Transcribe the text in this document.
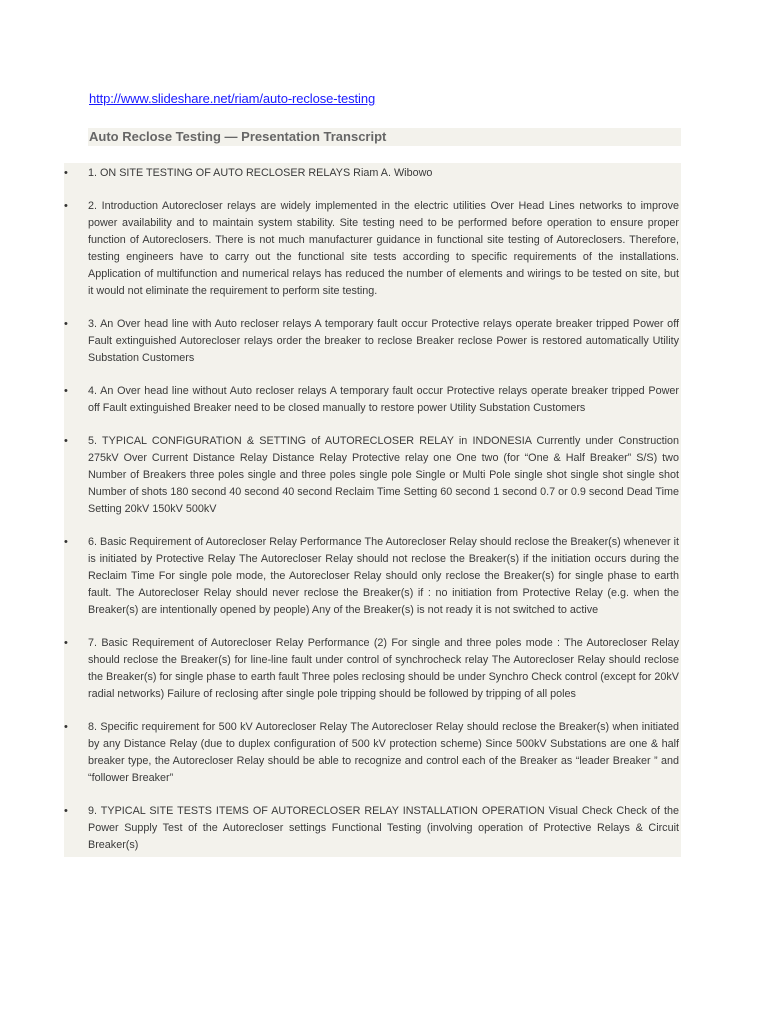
http://www.slideshare.net/riam/auto-reclose-testing
Auto Reclose Testing — Presentation Transcript
•	1. ON SITE TESTING OF AUTO RECLOSER RELAYS Riam A. Wibowo
•	2. Introduction Autorecloser relays are widely implemented in the electric utilities Over Head Lines networks to improve power availability and to maintain system stability. Site testing need to be performed before operation to ensure proper function of Autoreclosers. There is not much manufacturer guidance in functional site testing of Autoreclosers. Therefore, testing engineers have to carry out the functional site tests according to specific requirements of the installations. Application of multifunction and numerical relays has reduced the number of elements and wirings to be tested on site, but it would not eliminate the requirement to perform site testing.
•	3. An Over head line with Auto recloser relays A temporary fault occur Protective relays operate breaker tripped Power off Fault extinguished Autorecloser relays order the breaker to reclose Breaker reclose Power is restored automatically Utility Substation Customers
•	4. An Over head line without Auto recloser relays A temporary fault occur Protective relays operate breaker tripped Power off Fault extinguished Breaker need to be closed manually to restore power Utility Substation Customers
•	5. TYPICAL CONFIGURATION & SETTING of AUTORECLOSER RELAY in INDONESIA Currently under Construction 275kV Over Current Distance Relay Distance Relay Protective relay one One two (for “One & Half Breaker” S/S) two Number of Breakers three poles single and three poles single pole Single or Multi Pole single shot single shot single shot Number of shots 180 second 40 second 40 second Reclaim Time Setting 60 second 1 second 0.7 or 0.9 second Dead Time Setting 20kV 150kV 500kV
•	6. Basic Requirement of Autorecloser Relay Performance The Autorecloser Relay should reclose the Breaker(s) whenever it is initiated by Protective Relay The Autorecloser Relay should not reclose the Breaker(s) if the initiation occurs during the Reclaim Time For single pole mode, the Autorecloser Relay should only reclose the Breaker(s) for single phase to earth fault. The Autorecloser Relay should never reclose the Breaker(s) if : no initiation from Protective Relay (e.g. when the Breaker(s) are intentionally opened by people) Any of the Breaker(s) is not ready it is not switched to active
•	7. Basic Requirement of Autorecloser Relay Performance (2) For single and three poles mode : The Autorecloser Relay should reclose the Breaker(s) for line-line fault under control of synchrocheck relay The Autorecloser Relay should reclose the Breaker(s) for single phase to earth fault Three poles reclosing should be under Synchro Check control (except for 20kV radial networks) Failure of reclosing after single pole tripping should be followed by tripping of all poles
•	8. Specific requirement for 500 kV Autorecloser Relay The Autorecloser Relay should reclose the Breaker(s) when initiated by any Distance Relay (due to duplex configuration of 500 kV protection scheme) Since 500kV Substations are one & half breaker type, the Autorecloser Relay should be able to recognize and control each of the Breaker as “leader Breaker ” and “follower Breaker”
•	9. TYPICAL SITE TESTS ITEMS OF AUTORECLOSER RELAY INSTALLATION OPERATION Visual Check Check of the Power Supply Test of the Autorecloser settings Functional Testing (involving operation of Protective Relays & Circuit Breaker(s)
